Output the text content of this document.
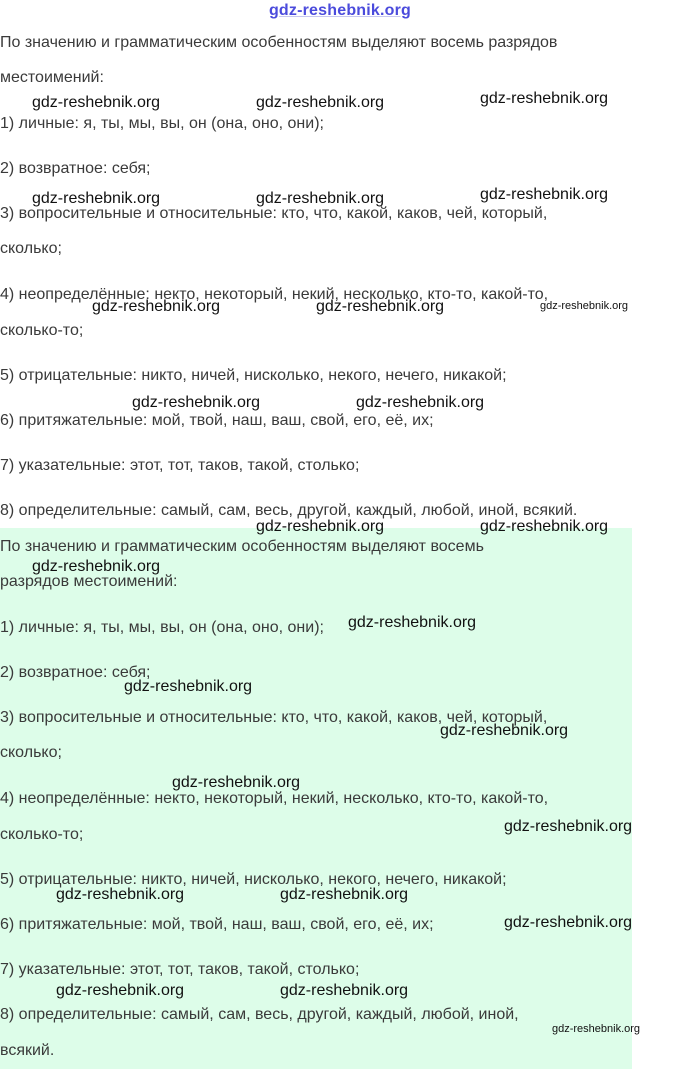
gdz-reshebnik.org
По значению и грамматическим особенностям выделяют восемь разрядов
местоимений:
1) личные: я, ты, мы, вы, он (она, оно, они);
2) возвратное: себя;
3) вопросительные и относительные: кто, что, какой, каков, чей, который,
сколько;
4) неопределённые: некто, некоторый, некий, несколько, кто-то, какой-то,
сколько-то;
5) отрицательные: никто, ничей, нисколько, некого, нечего, никакой;
6) притяжательные: мой, твой, наш, ваш, свой, его, её, их;
7) указательные: этот, тот, таков, такой, столько;
8) определительные: самый, сам, весь, другой, каждый, любой, иной, всякий.
По значению и грамматическим особенностям выделяют восемь
разрядов местоимений:
1) личные: я, ты, мы, вы, он (она, оно, они);
2) возвратное: себя;
3) вопросительные и относительные: кто, что, какой, каков, чей, который,
сколько;
4) неопределённые: некто, некоторый, некий, несколько, кто-то, какой-то,
сколько-то;
5) отрицательные: никто, ничей, нисколько, некого, нечего, никакой;
6) притяжательные: мой, твой, наш, ваш, свой, его, её, их;
7) указательные: этот, тот, таков, такой, столько;
8) определительные: самый, сам, весь, другой, каждый, любой, иной,
всякий.
gdz-reshebnik.org	gdz-reshebnik.org	gdz-reshebnik.org
gdz-reshebnik.org	gdz-reshebnik.org	gdz-reshebnik.org
gdz-reshebnik.org	gdz-reshebnik.org	gdz-reshebnik.org
gdz-reshebnik.org	gdz-reshebnik.org
gdz-reshebnik.org	gdz-reshebnik.org
gdz-reshebnik.org
gdz-reshebnik.org
gdz-reshebnik.org
gdz-reshebnik.org
gdz-reshebnik.org
gdz-reshebnik.org
gdz-reshebnik.org	gdz-reshebnik.org
gdz-reshebnik.org
gdz-reshebnik.org	gdz-reshebnik.org
gdz-reshebnik.org
